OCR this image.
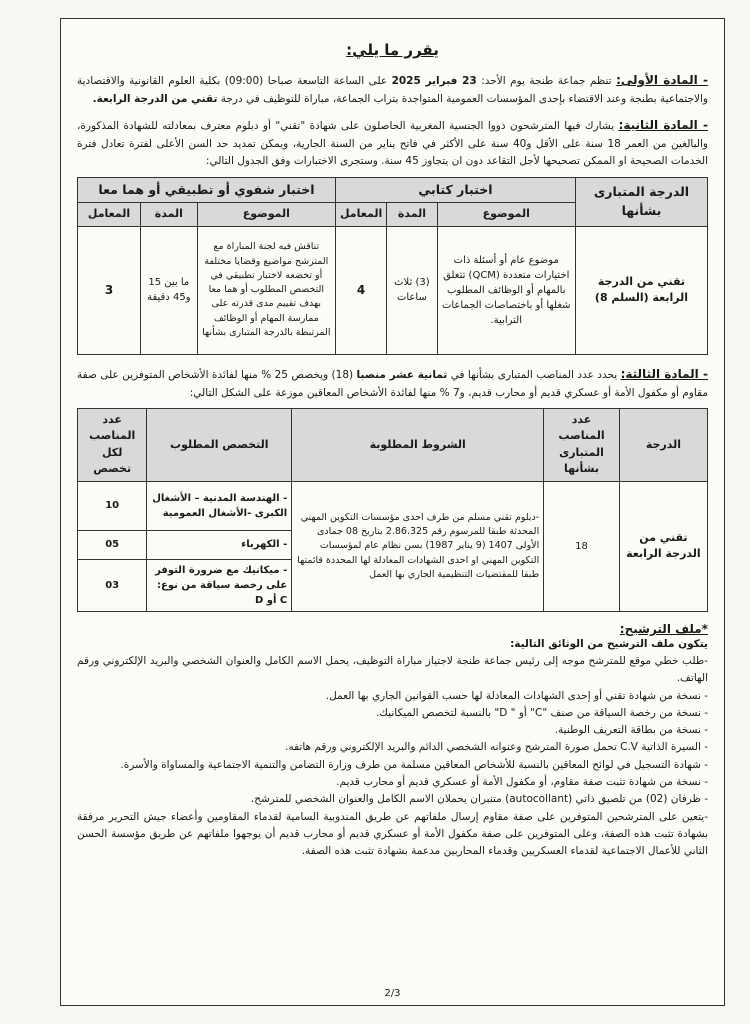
يقرر ما يلي:

- المادة الأولى: تنظم جماعة طنجة يوم الأحد: 23 فبراير 2025 على الساعة التاسعة صباحا (09:00) بكلية العلوم القانونية والاقتصادية والاجتماعية بطنجة وعند الاقتضاء بإحدى المؤسسات العمومية المتواجدة بتراب الجماعة، مباراة للتوظيف في درجة تقني من الدرجة الرابعة.

- المادة الثانية: يشارك فيها المترشحون ذووا الجنسية المغربية الحاصلون على شهادة "تقني" أو دبلوم معترف بمعادلته للشهادة المذكورة، والبالغين من العمر 18 سنة على الأقل و40 سنة على الأكثر في فاتح يناير من السنة الجارية، ويمكن تمديد حد السن الأعلى لفترة تعادل فترة الخدمات الصحيحة او الممكن تصحيحها لأجل التقاعد دون ان يتجاوز 45 سنة. وستجرى الاختبارات وفق الجدول التالي:

الدرجة المتبارى بشأنها	اختبار كتابي			اختبار شفوي أو تطبيقي أو هما معا		
	الموضوع	المدة	المعامل	الموضوع	المدة	المعامل
تقني من الدرجة الرابعة (السلم 8)	موضوع عام أو أسئلة ذات اختيارات متعددة (QCM) تتعلق بالمهام أو الوظائف المطلوب شغلها أو باختصاصات الجماعات الترابية.	(3) ثلاث ساعات	4	تناقش فيه لجنة المباراة مع المترشح مواضيع وقضايا مختلفة أو تخضعه لاختبار تطبيقي في التخصص المطلوب أو هما معا بهدف تقييم مدى قدرته على ممارسة المهام أو الوظائف المرتبطة بالدرجة المتبارى بشأنها	ما بين 15 و45 دقيقة	3

- المادة الثالثة: يحدد عدد المناصب المتبارى بشأنها في ثمانية عشر منصبا (18) ويخصص 25 % منها لفائدة الأشخاص المتوفرين على صفة مقاوم أو مكفول الأمة أو عسكري قديم أو محارب قديم، و7 % منها لفائدة الأشخاص المعاقين موزعة على الشكل التالي:

الدرجة	عدد المناصب المتبارى بشأنها	الشروط المطلوبة	التخصص المطلوب	عدد المناصب لكل تخصص
تقني من الدرجة الرابعة	18	-دبلوم تقني مسلم من طرف احدى مؤسسات التكوين المهني المحدثة طبقا للمرسوم رقم 2.86.325 بتاريخ 08 جمادى الأولى 1407 (9 يناير 1987) بسن نظام عام لمؤسسات التكوين المهني او احدى الشهادات المعادلة لها المحددة قائمتها طبقا للمقتضيات التنظيمية الجاري بها العمل	- الهندسة المدنية – الأشغال الكبرى -الأشغال العمومية	10
			- الكهرباء	05
			- ميكانيك مع ضرورة التوفر على رخصة سياقة من نوع: C أو D	03
*ملف الترشيح:
يتكون ملف الترشيح من الوثائق التالية:

-طلب خطي موقع للمترشح موجه إلى رئيس جماعة طنجة لاجتياز مباراة التوظيف، يحمل الاسم الكامل والعنوان الشخصي والبريد الإلكتروني ورقم الهاتف.

- نسخة من شهادة تقني أو إحدى الشهادات المعادلة لها حسب القوانين الجاري بها العمل.

- نسخة من رخصة السياقة من صنف "C" أو " D" بالنسبة لتخصص الميكانيك.

- نسخة من بطاقة التعريف الوطنية.

- السيرة الذاتية C.V تحمل صورة المترشح وعنوانه الشخصي الدائم والبريد الإلكتروني ورقم هاتفه.

- شهادة التسجيل في لوائح المعاقين بالنسبة للأشخاص المعاقين مسلمة من طرف وزارة التضامن والتنمية الاجتماعية والمساواة والأسرة.

- نسخة من شهادة تثبت صفة مقاوم، أو مكفول الأمة أو عسكري قديم أو محارب قديم.

- ظرفان (02) من تلصيق ذاتي (autocollant) متنبران يحملان الاسم الكامل والعنوان الشخصي للمترشح.

-يتعين على المترشحين المتوفرين على صفة مقاوم إرسال ملفاتهم عن طريق المندوبية السامية لقدماء المقاومين وأعضاء جيش التحرير مرفقة بشهادة تثبت هذه الصفة، وعلى المتوفرين على صفة مكفول الأمة أو عسكري قديم أو محارب قديم أن يوجهوا ملفاتهم عن طريق مؤسسة الحسن الثاني للأعمال الاجتماعية لقدماء العسكريين وقدماء المحاربين مدعمة بشهادة تثبت هذه الصفة.

2/3
